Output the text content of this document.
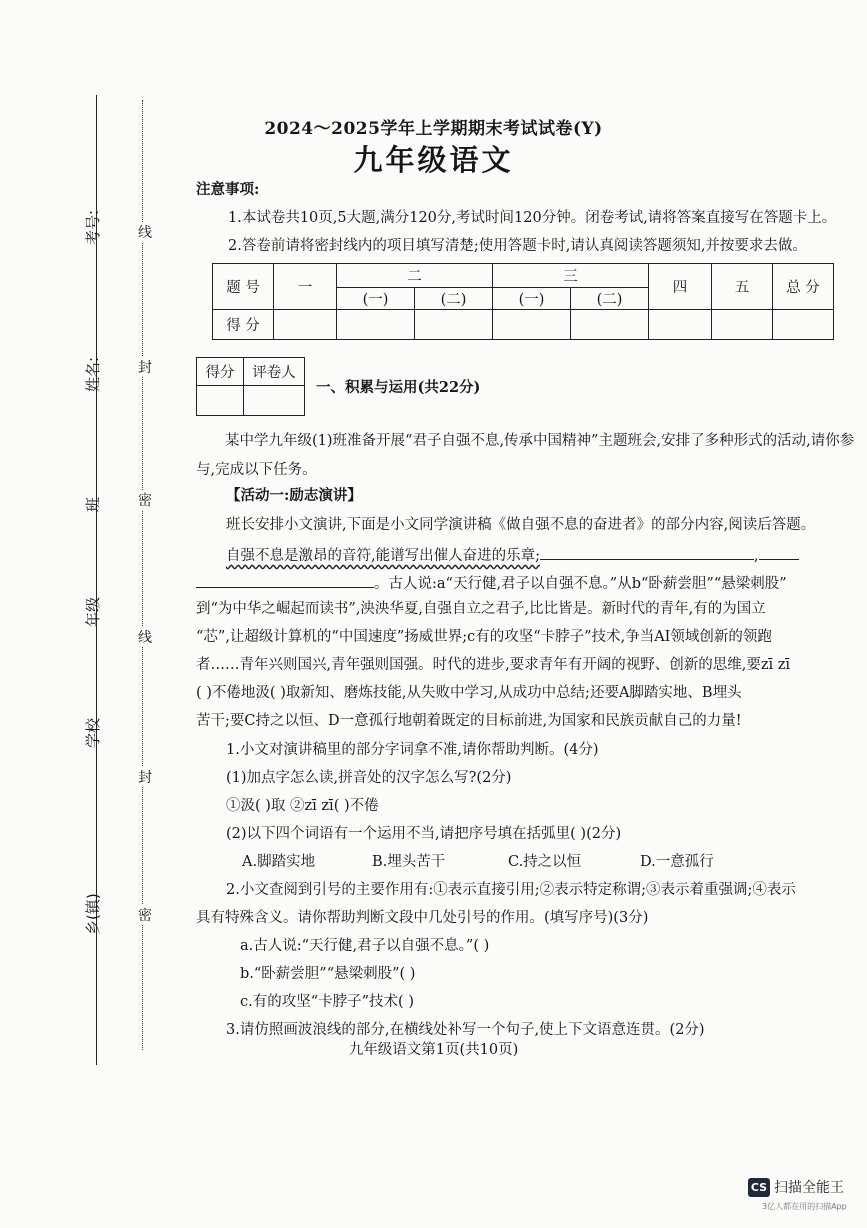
考号:
姓名:
班
年级
学校
乡(镇)
线
封
密
线
封
密
2024～2025学年上学期期末考试试卷(Y)
九年级语文
注意事项:
1.本试卷共10页,5大题,满分120分,考试时间120分钟。闭卷考试,请将答案直接写在答题卡上。
2.答卷前请将密封线内的项目填写清楚;使用答题卡时,请认真阅读答题须知,并按要求去做。
题 号	一	二		三		四	五	总 分
		(一)	(二)	(一)	(二)			
得 分								
得分	评卷人

一、积累与运用(共22分)
某中学九年级(1)班准备开展“君子自强不息,传承中国精神”主题班会,安排了多种形式的活动,请你参与,完成以下任务。
【活动一:励志演讲】
班长安排小文演讲,下面是小文同学演讲稿《做自强不息的奋进者》的部分内容,阅读后答题。
自强不息是激昂的音符,能谱写出催人奋进的乐章;	,
。古人说:a“天行健,君子以自强不息。”从b“卧薪尝胆”“悬梁刺股”
到“为中华之崛起而读书”,泱泱华夏,自强自立之君子,比比皆是。新时代的青年,有的为国立
“芯”,让超级计算机的“中国速度”扬威世界;c有的攻坚“卡脖子”技术,争当AI领域创新的领跑
者……青年兴则国兴,青年强则国强。时代的进步,要求青年有开阔的视野、创新的思维,要zī zī
( )不倦地汲( )取新知、磨炼技能,从失败中学习,从成功中总结;还要A脚踏实地、B埋头
苦干;要C持之以恒、D一意孤行地朝着既定的目标前进,为国家和民族贡献自己的力量!
1.小文对演讲稿里的部分字词拿不准,请你帮助判断。(4分)
(1)加点字怎么读,拼音处的汉字怎么写?(2分)
①汲( )取 ②zī zī( )不倦
(2)以下四个词语有一个运用不当,请把序号填在括弧里( )(2分)
A.脚踏实地	B.埋头苦干	C.持之以恒	D.一意孤行
2.小文查阅到引号的主要作用有:①表示直接引用;②表示特定称谓;③表示着重强调;④表示
具有特殊含义。请你帮助判断文段中几处引号的作用。(填写序号)(3分)
a.古人说:“天行健,君子以自强不息。”( )
b.“卧薪尝胆”“悬梁刺股”( )
c.有的攻坚“卡脖子”技术( )
3.请仿照画波浪线的部分,在横线处补写一个句子,使上下文语意连贯。(2分)
九年级语文第1页(共10页)
CS 扫描全能王
3亿人都在用的扫描App
